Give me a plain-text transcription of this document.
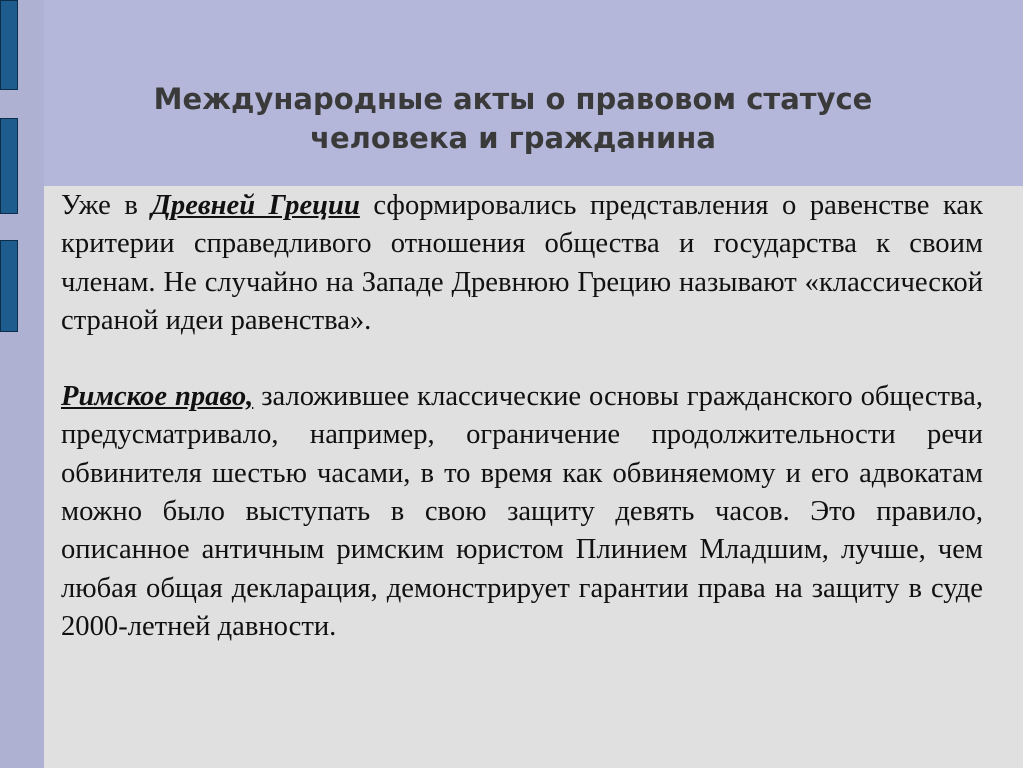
Международные акты о правовом статусе
человека и гражданина

Уже в Древней Греции сформировались представления о равенстве как критерии справедливого отношения общества и государства к своим членам. Не случайно на Западе Древнюю Грецию называют «классической страной идеи равенства».

Римское право, заложившее классические основы гражданского общества, предусматривало, например, ограничение продолжительности речи обвинителя шестью часами, в то время как обвиняемому и его адвокатам можно было выступать в свою защиту девять часов. Это правило, описанное античным римским юристом Плинием Младшим, лучше, чем любая общая декларация, демонстрирует гарантии права на защиту в суде 2000-летней давности.
